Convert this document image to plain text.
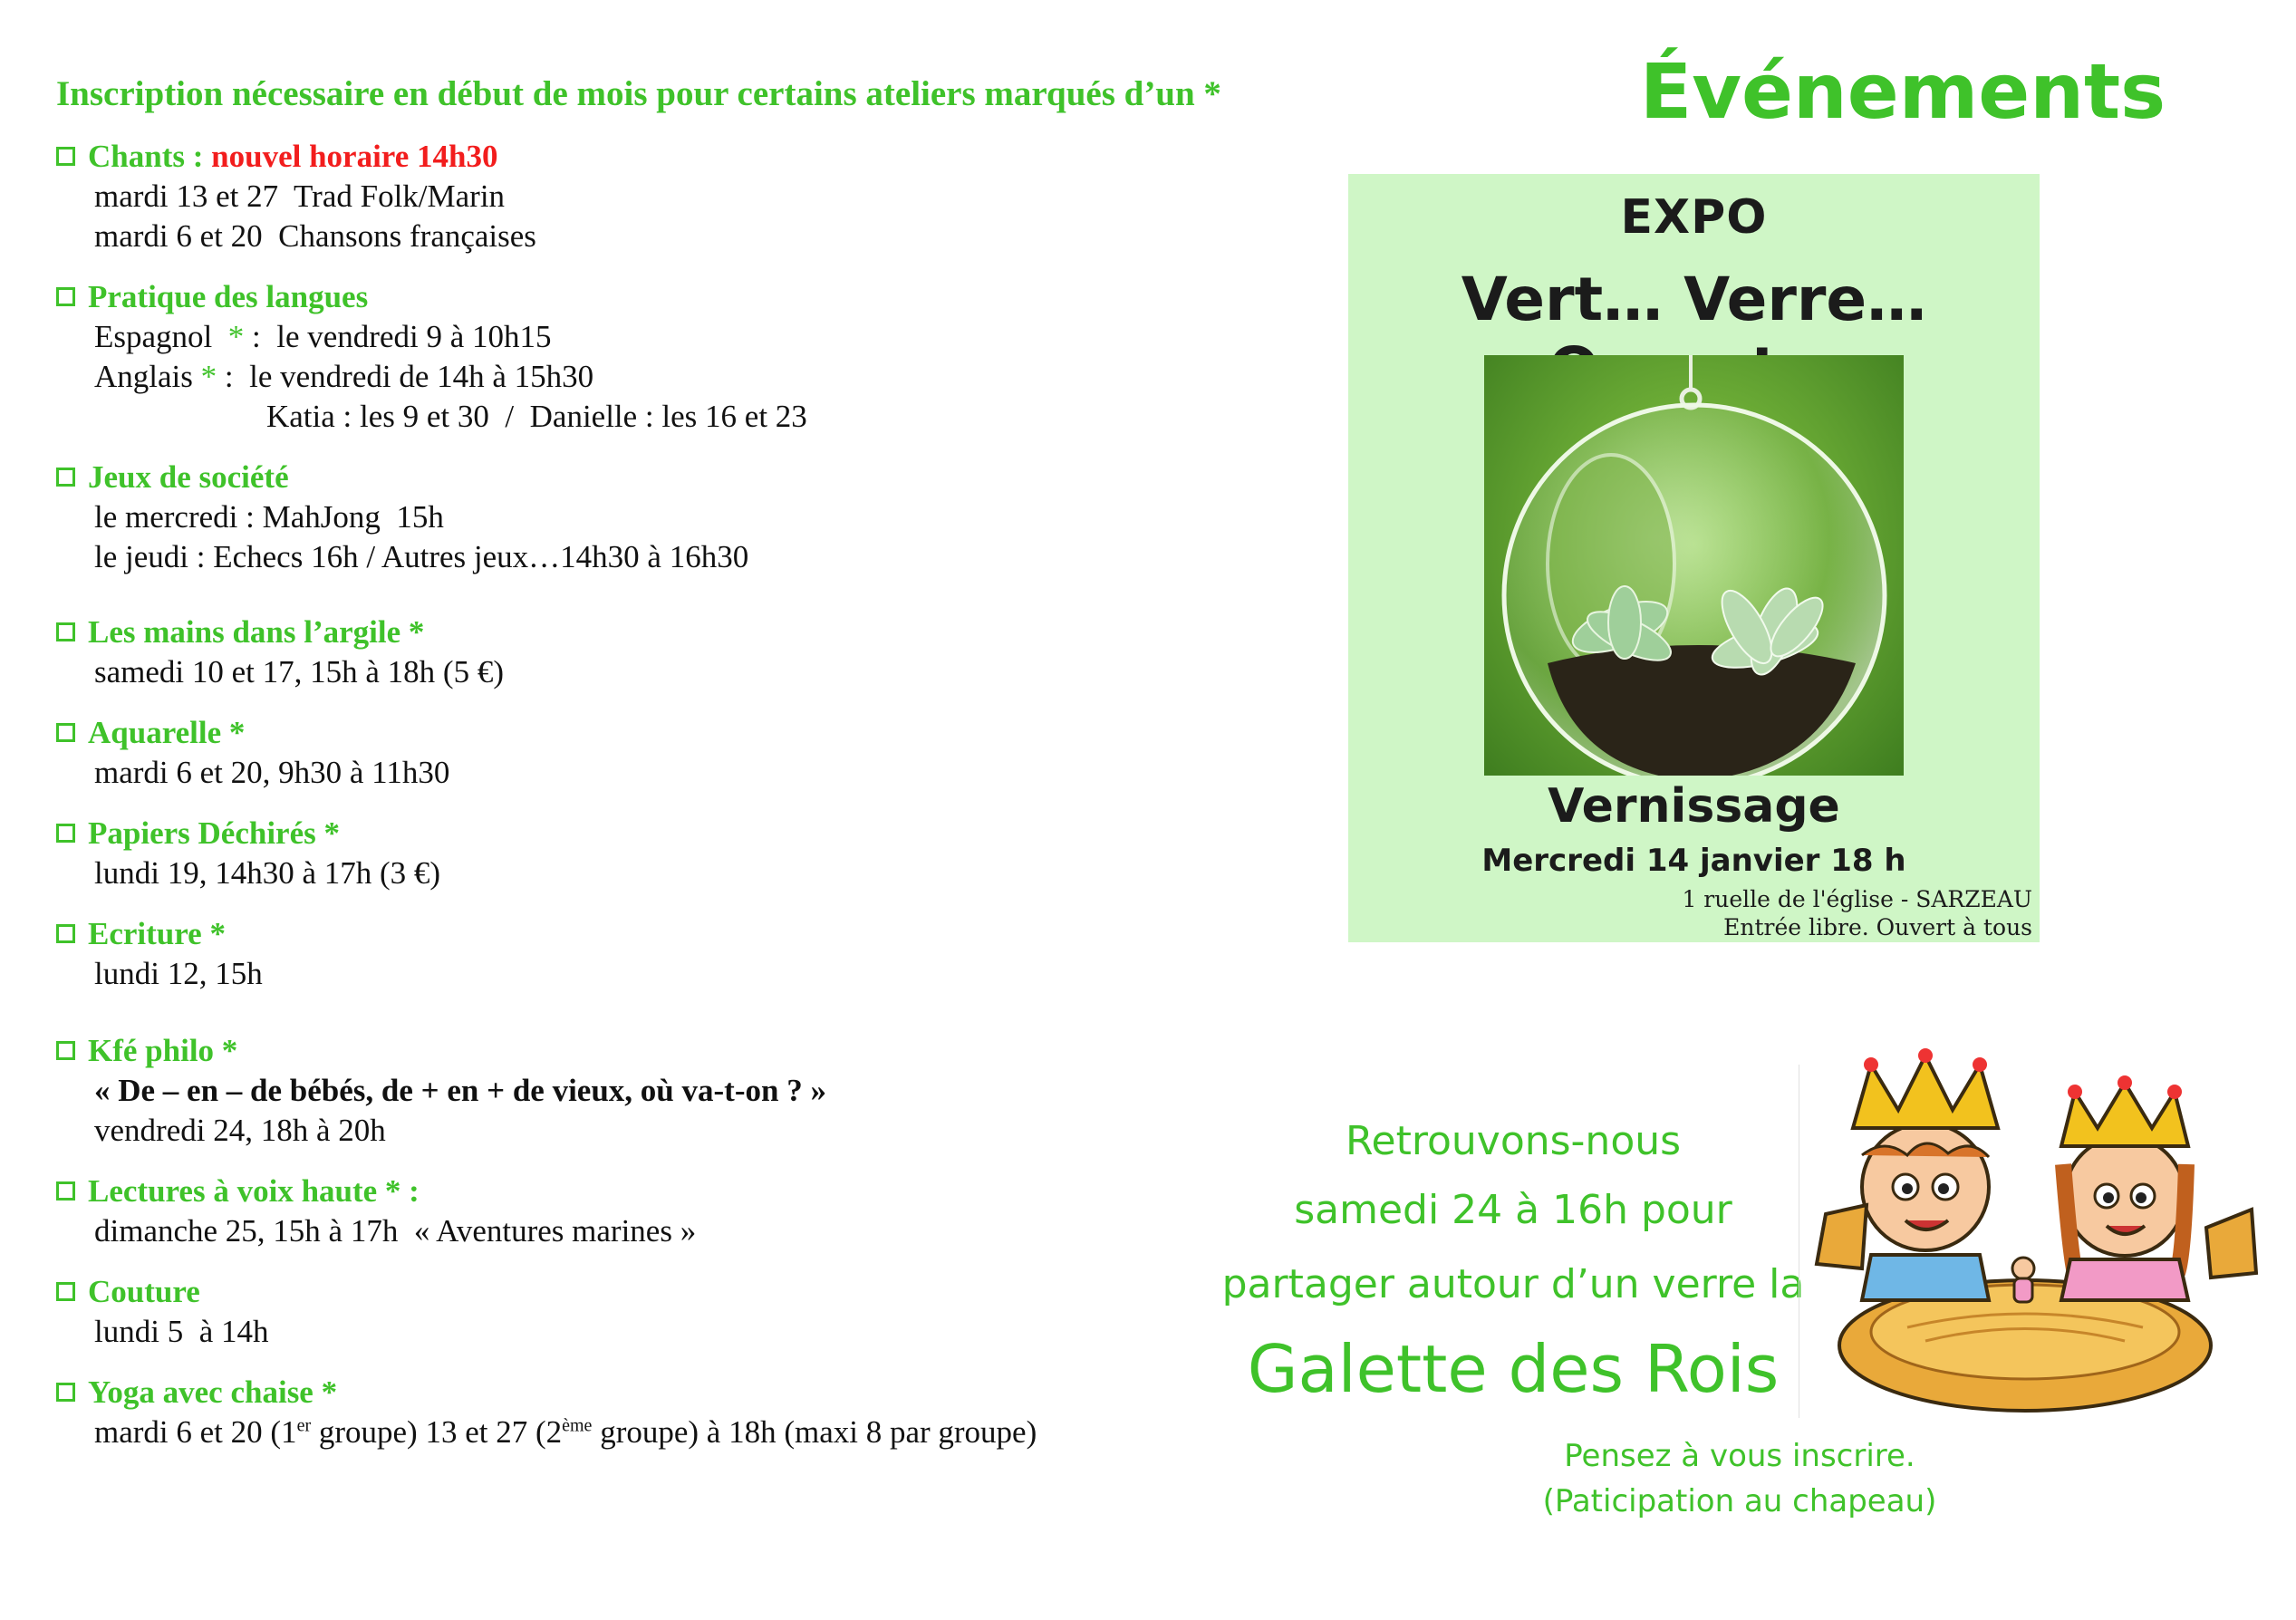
Inscription nécessaire en début de mois pour certains ateliers marqués d’un *
Chants :
nouvel horaire 14h30
mardi 13 et 27  Trad Folk/Marin
mardi 6 et 20  Chansons françaises
Pratique des langues
Espagnol  * :  le vendredi 9 à 10h15
Anglais * :  le vendredi de 14h à 15h30
Katia : les 9 et 30  /  Danielle : les 16 et 23
Jeux de société
le mercredi : MahJong  15h
le jeudi : Echecs 16h / Autres jeux…14h30 à 16h30
Les mains dans l’argile *
samedi 10 et 17, 15h à 18h (5 €)
Aquarelle *
mardi 6 et 20, 9h30 à 11h30
Papiers Déchirés *
lundi 19, 14h30 à 17h (3 €)
Ecriture *
lundi 12, 15h
Kfé philo *
« De – en – de bébés, de + en + de vieux, où va-t-on ? »
vendredi 24, 18h à 20h
Lectures à voix haute * :
dimanche 25, 15h à 17h  « Aventures marines »
Couture
lundi 5  à 14h
Yoga avec chaise *
mardi 6 et 20 (1er groupe) 13 et 27 (2ème groupe) à 18h (maxi 8 par groupe)
Événements
EXPO
Vert… Verre…
Vernissage
Mercredi 14 janvier 18 h
1 ruelle de l'église - SARZEAU
Entrée libre. Ouvert à tous
Retrouvons-nous
samedi 24 à 16h pour
partager autour d’un verre la
Galette des Rois
Pensez à vous inscrire.
(Paticipation au chapeau)
